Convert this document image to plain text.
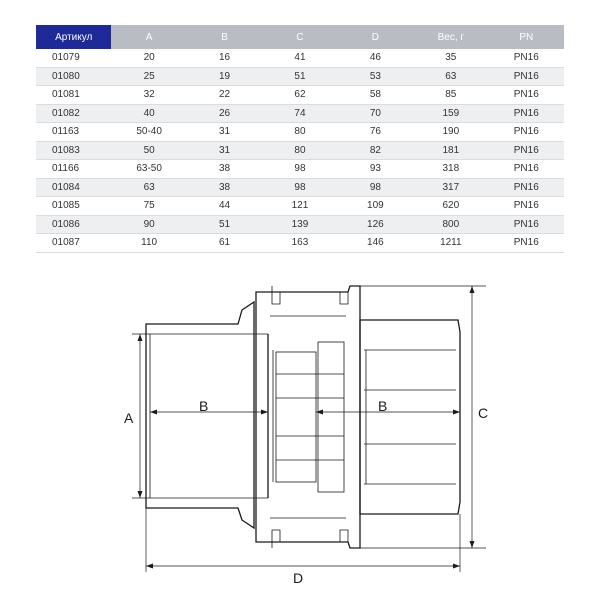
Артикул	A	B	C	D	Вес, г	PN
01079	20	16	41	46	35	PN16
01080	25	19	51	53	63	PN16
01081	32	22	62	58	85	PN16
01082	40	26	74	70	159	PN16
01163	50-40	31	80	76	190	PN16
01083	50	31	80	82	181	PN16
01166	63-50	38	98	93	318	PN16
01084	63	38	98	98	317	PN16
01085	75	44	121	109	620	PN16
01086	90	51	139	126	800	PN16
01087	110	61	163	146	1211	PN16
A
B	B	C
D
